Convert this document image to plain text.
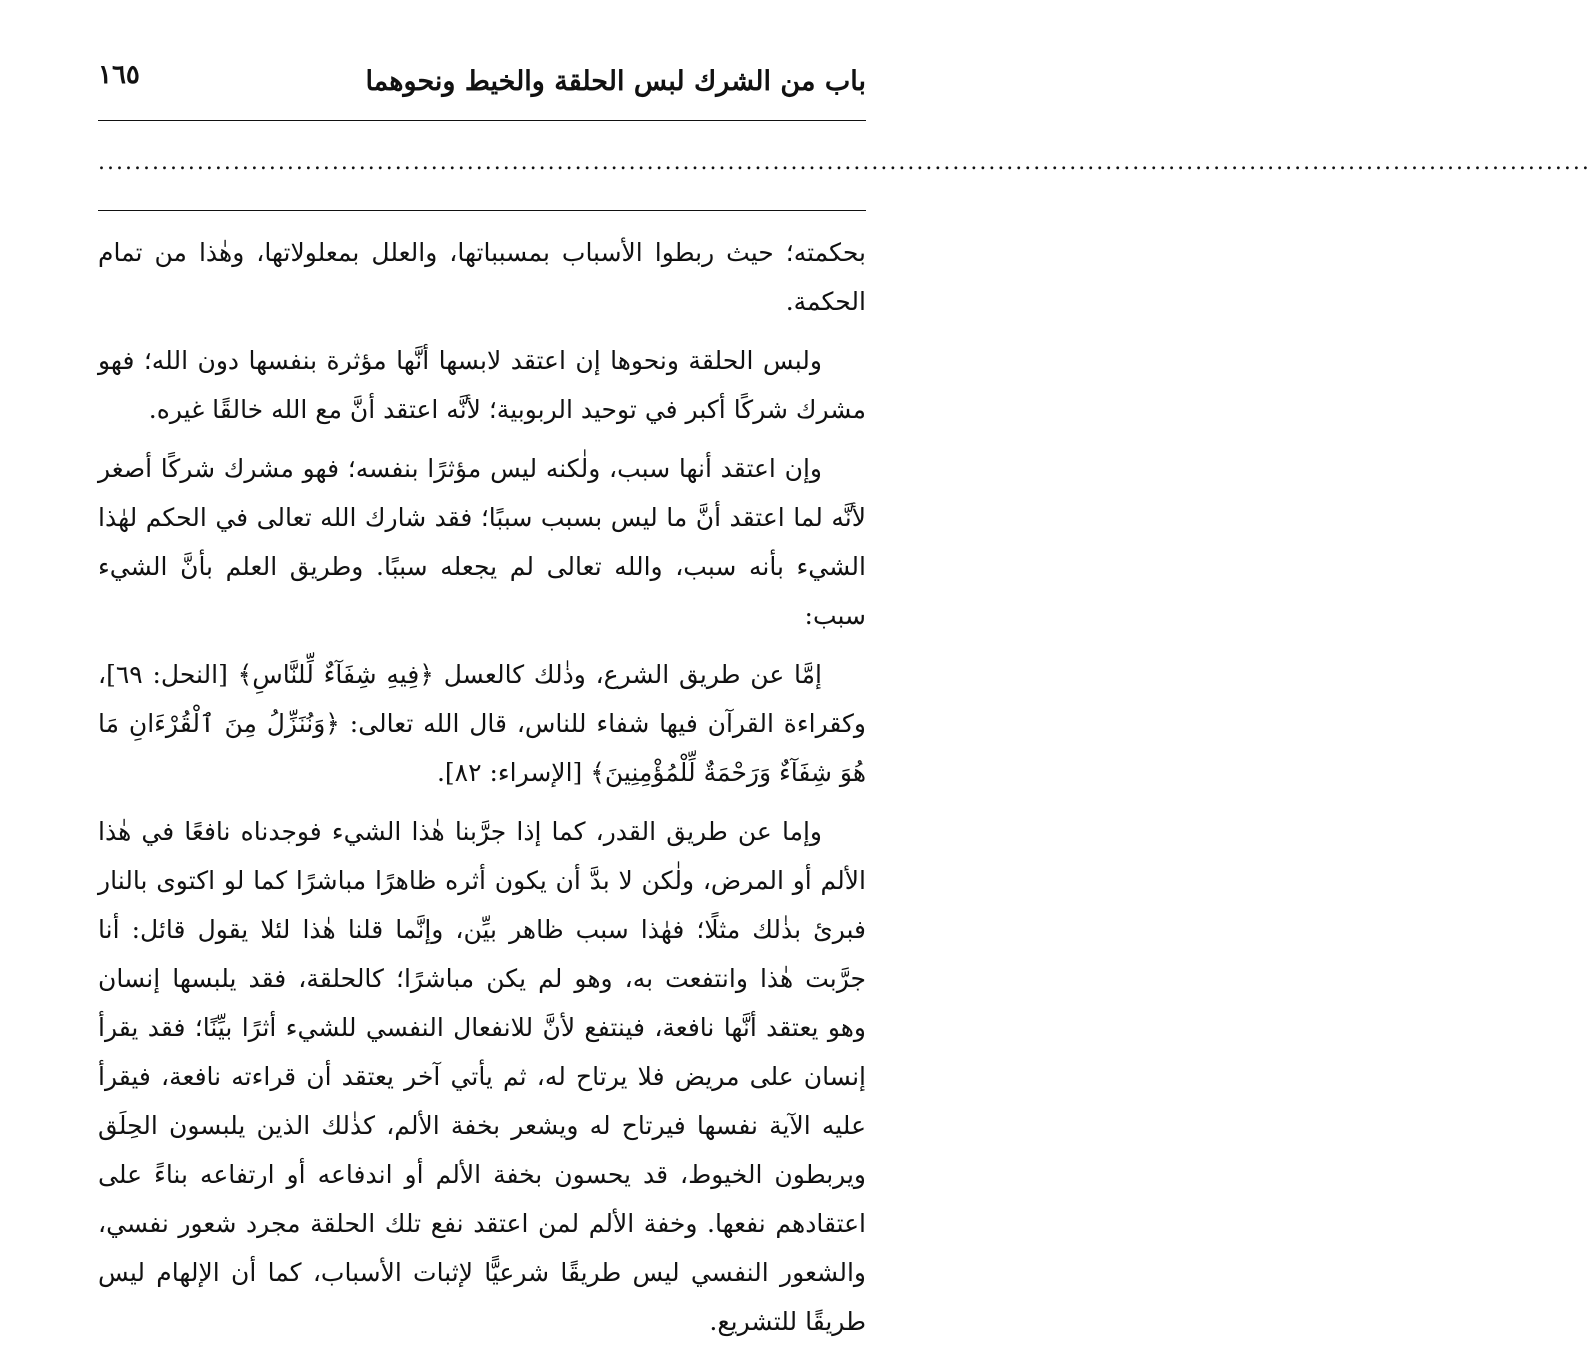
باب من الشرك لبس الحلقة والخيط ونحوهما
١٦٥
......................................................................................................................................................................

بحكمته؛ حيث ربطوا الأسباب بمسبباتها، والعلل بمعلولاتها، وهٰذا من تمام الحكمة.

ولبس الحلقة ونحوها إن اعتقد لابسها أنَّها مؤثرة بنفسها دون الله؛ فهو مشرك شركًا أكبر في توحيد الربوبية؛ لأنَّه اعتقد أنَّ مع الله خالقًا غيره.

وإن اعتقد أنها سبب، ولٰكنه ليس مؤثرًا بنفسه؛ فهو مشرك شركًا أصغر لأنَّه لما اعتقد أنَّ ما ليس بسبب سببًا؛ فقد شارك الله تعالى في الحكم لهٰذا الشيء بأنه سبب، والله تعالى لم يجعله سببًا. وطريق العلم بأنَّ الشيء سبب:

إمَّا عن طريق الشرع، وذٰلك كالعسل ﴿فِيهِ شِفَآءٌ لِّلنَّاسِ﴾ [النحل: ٦٩]، وكقراءة القرآن فيها شفاء للناس، قال الله تعالى: ﴿وَنُنَزِّلُ مِنَ ٱلْقُرْءَانِ مَا هُوَ شِفَآءٌ وَرَحْمَةٌ لِّلْمُؤْمِنِينَ﴾ [الإسراء: ٨٢].

وإما عن طريق القدر، كما إذا جرَّبنا هٰذا الشيء فوجدناه نافعًا في هٰذا الألم أو المرض، ولٰكن لا بدَّ أن يكون أثره ظاهرًا مباشرًا كما لو اكتوى بالنار فبرئ بذٰلك مثلًا؛ فهٰذا سبب ظاهر بيِّن، وإنَّما قلنا هٰذا لئلا يقول قائل: أنا جرَّبت هٰذا وانتفعت به، وهو لم يكن مباشرًا؛ كالحلقة، فقد يلبسها إنسان وهو يعتقد أنَّها نافعة، فينتفع لأنَّ للانفعال النفسي للشيء أثرًا بيِّنًا؛ فقد يقرأ إنسان على مريض فلا يرتاح له، ثم يأتي آخر يعتقد أن قراءته نافعة، فيقرأ عليه الآية نفسها فيرتاح له ويشعر بخفة الألم، كذٰلك الذين يلبسون الحِلَق ويربطون الخيوط، قد يحسون بخفة الألم أو اندفاعه أو ارتفاعه بناءً على اعتقادهم نفعها. وخفة الألم لمن اعتقد نفع تلك الحلقة مجرد شعور نفسي، والشعور النفسي ليس طريقًا شرعيًّا لإثبات الأسباب، كما أن الإلهام ليس طريقًا للتشريع.
